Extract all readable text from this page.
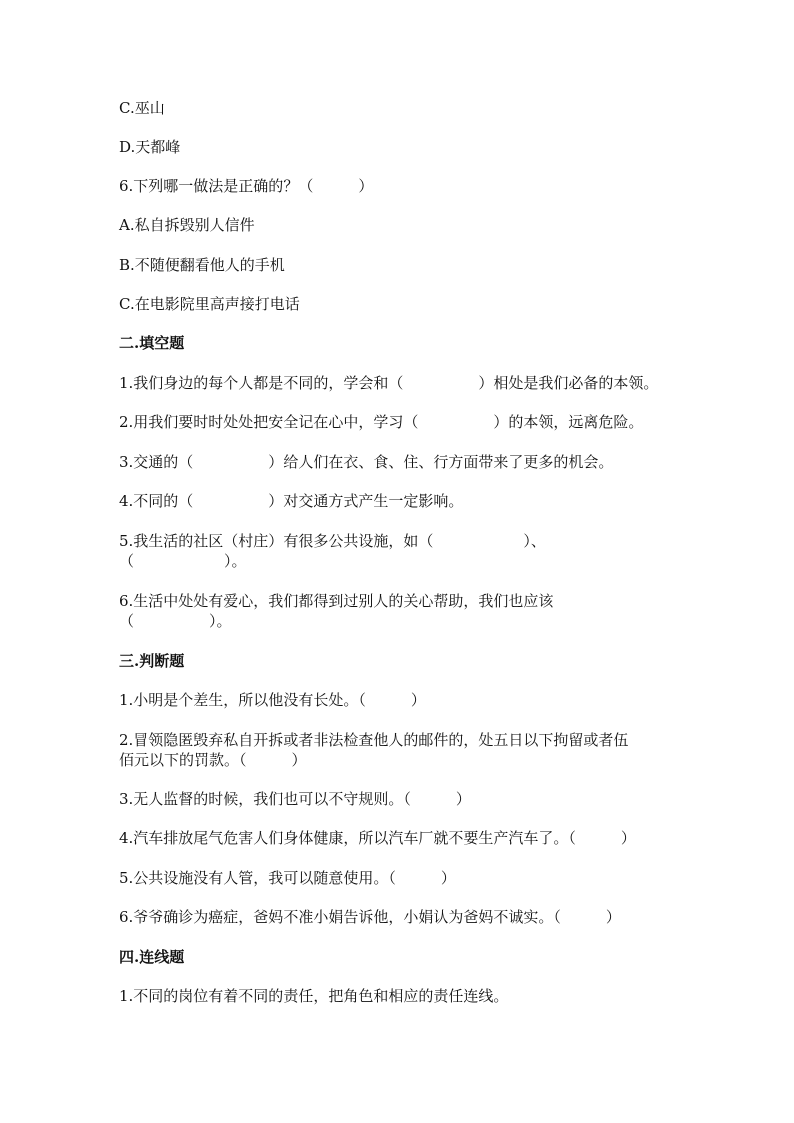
C.巫山
D.天都峰
6.下列哪一做法是正确的？（　　　）
A.私自拆毁别人信件
B.不随便翻看他人的手机
C.在电影院里高声接打电话
二.填空题
1.我们身边的每个人都是不同的，学会和（　　　　　）相处是我们必备的本领。
2.用我们要时时处处把安全记在心中，学习（　　　　　）的本领，远离危险。
3.交通的（　　　　　）给人们在衣、食、住、行方面带来了更多的机会。
4.不同的（　　　　　）对交通方式产生一定影响。
5.我生活的社区（村庄）有很多公共设施，如（　　　　　　）、
（　　　　　　）。
6.生活中处处有爱心，我们都得到过别人的关心帮助，我们也应该
（　　　　　）。
三.判断题
1.小明是个差生，所以他没有长处。（　　　）
2.冒领隐匿毁弃私自开拆或者非法检查他人的邮件的，处五日以下拘留或者伍
佰元以下的罚款。（　　　）
3.无人监督的时候，我们也可以不守规则。（　　　）
4.汽车排放尾气危害人们身体健康，所以汽车厂就不要生产汽车了。（　　　）
5.公共设施没有人管，我可以随意使用。（　　　）
6.爷爷确诊为癌症，爸妈不准小娟告诉他，小娟认为爸妈不诚实。（　　　）
四.连线题
1.不同的岗位有着不同的责任，把角色和相应的责任连线。
